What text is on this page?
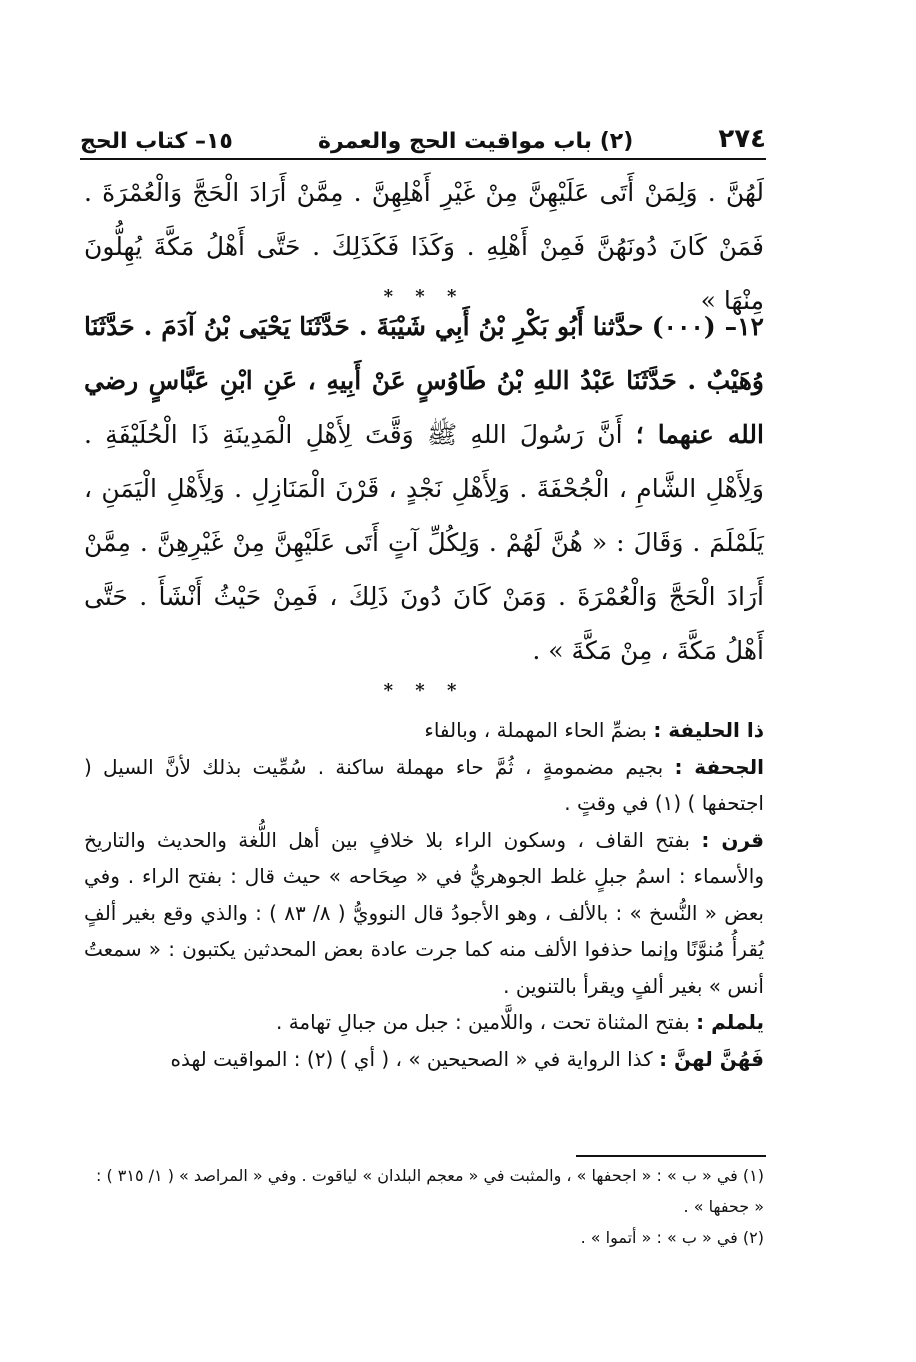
٢٧٤
(٢) باب مواقيت الحج والعمرة
١٥– كتاب الحج
لَهُنَّ . وَلِمَنْ أَتَى عَلَيْهِنَّ مِنْ غَيْرِ أَهْلِهِنَّ . مِمَّنْ أَرَادَ الْحَجَّ وَالْعُمْرَةَ . فَمَنْ كَانَ دُونَهُنَّ فَمِنْ أَهْلِهِ . وَكَذَا فَكَذَلِكَ . حَتَّى أَهْلُ مَكَّةَ يُهِلُّونَ مِنْهَا »
* * *
١٢– (٠٠٠) حدَّثنا أَبُو بَكْرِ بْنُ أَبِي شَيْبَةَ . حَدَّثَنَا يَحْيَى بْنُ آدَمَ . حَدَّثَنَا وُهَيْبٌ . حَدَّثَنَا عَبْدُ اللهِ بْنُ طَاوُسٍ عَنْ أَبِيهِ ، عَنِ ابْنِ عَبَّاسٍ رضي الله عنهما ؛ أَنَّ رَسُولَ اللهِ ﷺ وَقَّتَ لِأَهْلِ الْمَدِينَةِ ذَا الْحُلَيْفَةِ . وَلِأَهْلِ الشَّامِ ، الْجُحْفَةَ . وَلِأَهْلِ نَجْدٍ ، قَرْنَ الْمَنَازِلِ . وَلِأَهْلِ الْيَمَنِ ، يَلَمْلَمَ . وَقَالَ : « هُنَّ لَهُمْ . وَلِكُلِّ آتٍ أَتَى عَلَيْهِنَّ مِنْ غَيْرِهِنَّ . مِمَّنْ أَرَادَ الْحَجَّ وَالْعُمْرَةَ . وَمَنْ كَانَ دُونَ ذَلِكَ ، فَمِنْ حَيْثُ أَنْشَأَ . حَتَّى أَهْلُ مَكَّةَ ، مِنْ مَكَّةَ » .
* * *

ذا الحليفة : بضمِّ الحاء المهملة ، وبالفاء

الجحفة : بجيم مضمومةٍ ، ثُمَّ حاء مهملة ساكنة . سُمِّيت بذلك لأنَّ السيل ( اجتحفها ) (١) في وقتٍ .

قرن : بفتح القاف ، وسكون الراء بلا خلافٍ بين أهل اللُّغة والحديث والتاريخ والأسماء : اسمُ جبلٍ غلط الجوهريُّ في « صِحَاحه » حيث قال : بفتح الراء . وفي بعض « النُّسخ » : بالألف ، وهو الأجودُ قال النوويُّ ( ٨/ ٨٣ ) : والذي وقع بغير ألفٍ يُقرأُ مُنوَّنًا وإنما حذفوا الألف منه كما جرت عادة بعض المحدثين يكتبون : « سمعتُ أنس » بغير ألفٍ ويقرأ بالتنوين .

يلملم : بفتح المثناة تحت ، واللَّامين : جبل من جبالِ تهامة .

فَهُنَّ لهنَّ : كذا الرواية في « الصحيحين » ، ( أي ) (٢) : المواقيت لهذه

(١) في « ب » : « اجحفها » ، والمثبت في « معجم البلدان » لياقوت . وفي « المراصد » ( ١/ ٣١٥ ) : « جحفها » .

(٢) في « ب » : « أتموا » .
